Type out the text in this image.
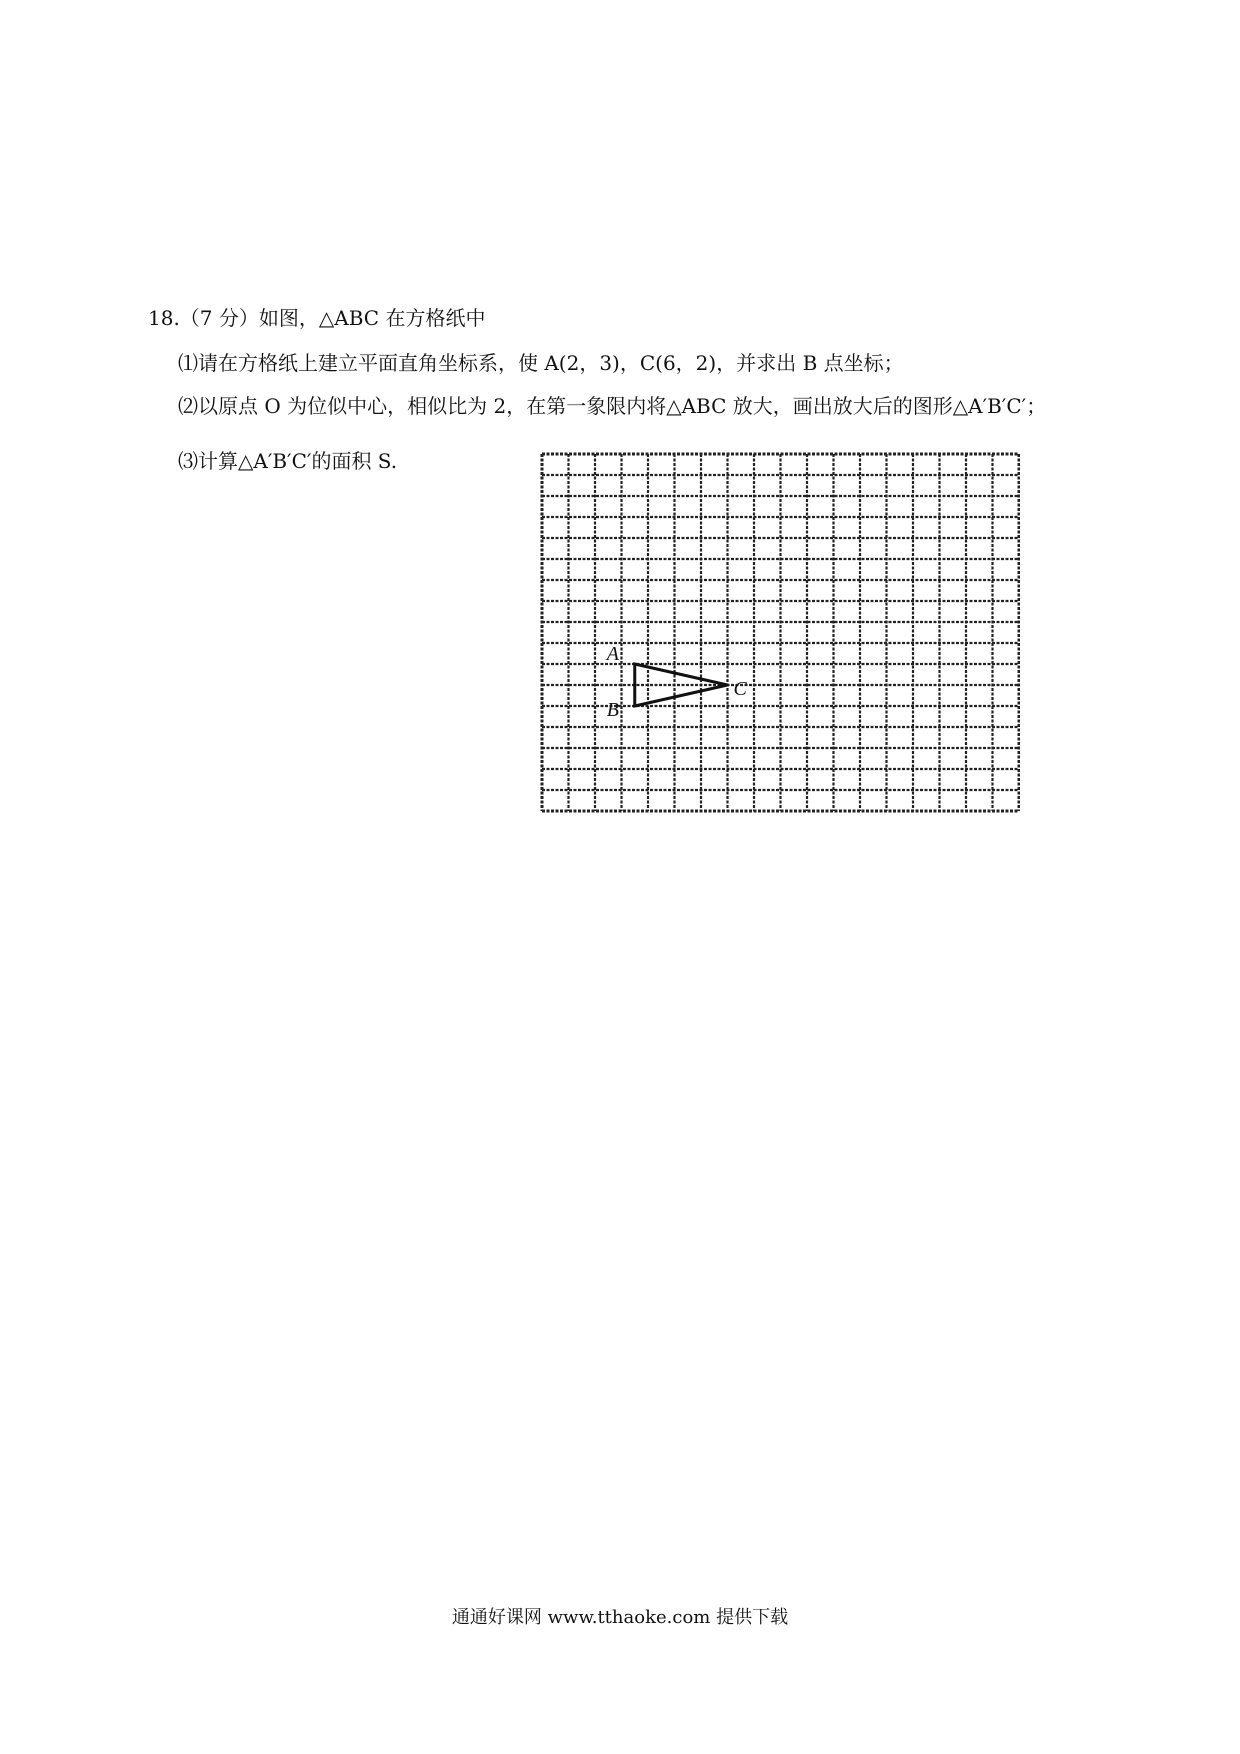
18.（7 分）如图，△ABC 在方格纸中
⑴请在方格纸上建立平面直角坐标系，使 A(2，3)，C(6，2)，并求出 B 点坐标；
⑵以原点 O 为位似中心，相似比为 2，在第一象限内将△ABC 放大，画出放大后的图形△A′B′C′；
⑶计算△A′B′C′的面积 S.
A
B
C
通通好课网 www.tthaoke.com 提供下载
